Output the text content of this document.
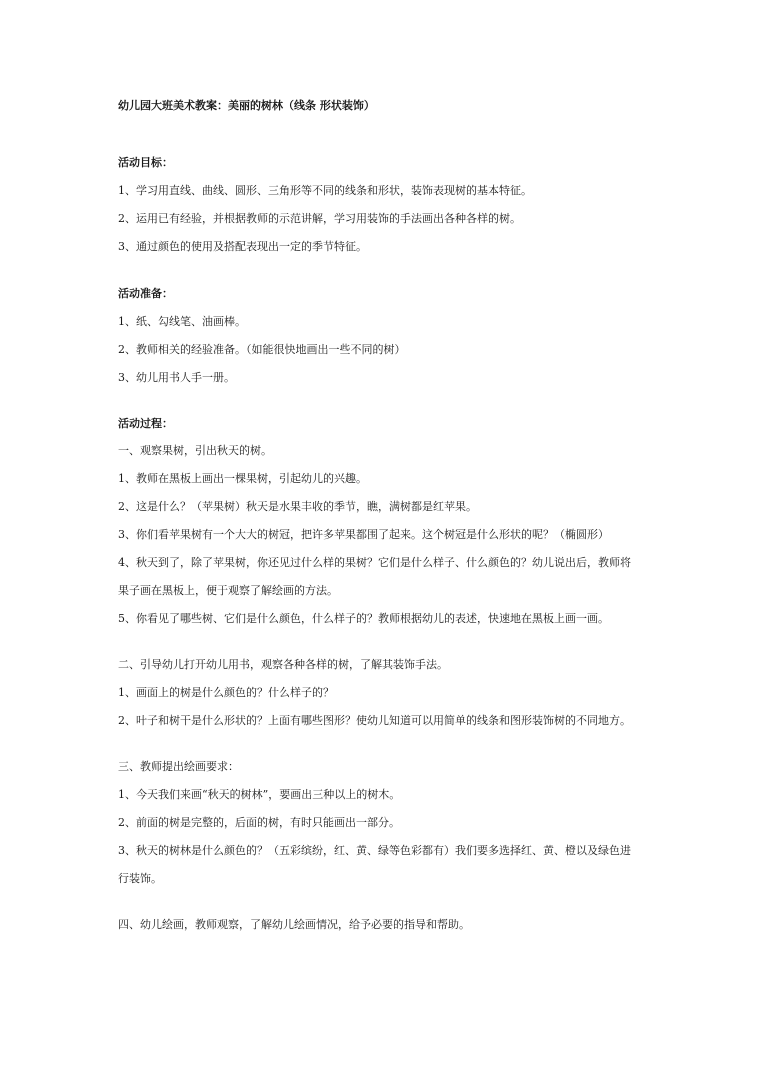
幼儿园大班美术教案：美丽的树林（线条 形状装饰）
活动目标：
1、学习用直线、曲线、圆形、三角形等不同的线条和形状，装饰表现树的基本特征。
2、运用已有经验，并根据教师的示范讲解，学习用装饰的手法画出各种各样的树。
3、通过颜色的使用及搭配表现出一定的季节特征。
活动准备：
1、纸、勾线笔、油画棒。
2、教师相关的经验准备。（如能很快地画出一些不同的树）
3、幼儿用书人手一册。
活动过程：
一、观察果树，引出秋天的树。
1、教师在黑板上画出一棵果树，引起幼儿的兴趣。
2、这是什么？（苹果树）秋天是水果丰收的季节，瞧，满树都是红苹果。
3、你们看苹果树有一个大大的树冠，把许多苹果都围了起来。这个树冠是什么形状的呢？（椭圆形）
4、秋天到了，除了苹果树，你还见过什么样的果树？它们是什么样子、什么颜色的？幼儿说出后，教师将
果子画在黑板上，便于观察了解绘画的方法。
5、你看见了哪些树、它们是什么颜色，什么样子的？教师根据幼儿的表述，快速地在黑板上画一画。
二、引导幼儿打开幼儿用书，观察各种各样的树，了解其装饰手法。
1、画面上的树是什么颜色的？什么样子的？
2、叶子和树干是什么形状的？上面有哪些图形？使幼儿知道可以用简单的线条和图形装饰树的不同地方。
三、教师提出绘画要求：
1、今天我们来画“秋天的树林”，要画出三种以上的树木。
2、前面的树是完整的，后面的树，有时只能画出一部分。
3、秋天的树林是什么颜色的？（五彩缤纷，红、黄、绿等色彩都有）我们要多选择红、黄、橙以及绿色进
行装饰。
四、幼儿绘画，教师观察，了解幼儿绘画情况，给予必要的指导和帮助。
